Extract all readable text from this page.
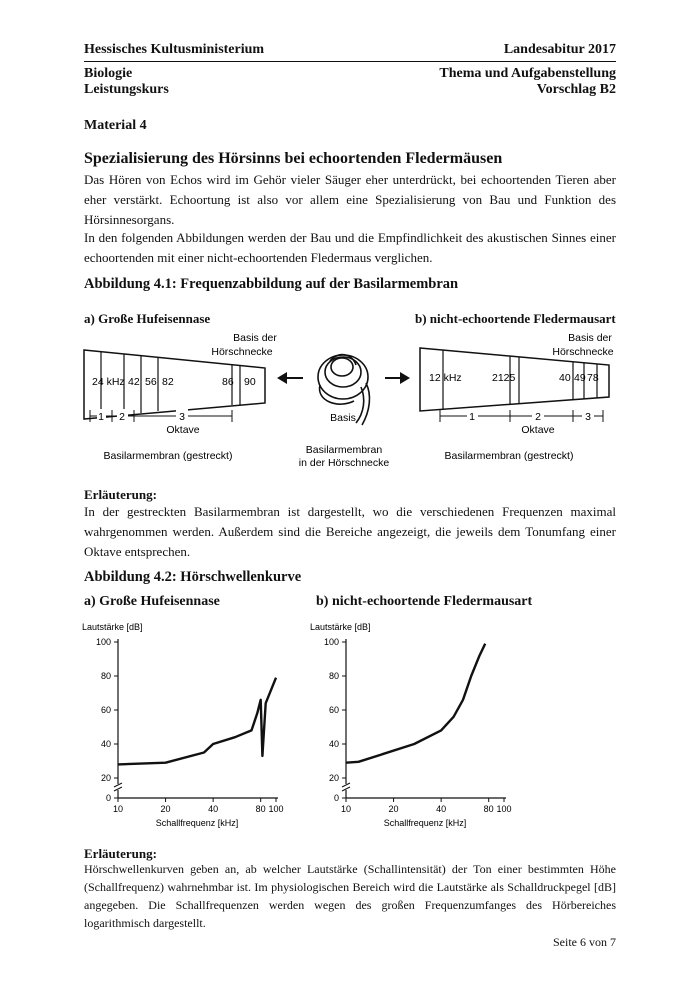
Hessisches Kultusministerium	Landesabitur 2017
Biologie	Thema und Aufgabenstellung
Leistungskurs	Vorschlag B2
Material 4
Spezialisierung des Hörsinns bei echoortenden Fledermäusen
Das Hören von Echos wird im Gehör vieler Säuger eher unterdrückt, bei echoortenden Tieren aber eher verstärkt. Echoortung ist also vor allem eine Spezialisierung von Bau und Funktion des Hörsinnesorgans.
In den folgenden Abbildungen werden der Bau und die Empfindlichkeit des akustischen Sinnes einer echoortenden mit einer nicht-echoortenden Fledermaus verglichen.
Abbildung 4.1: Frequenzabbildung auf der Basilarmembran
a) Große Hufeisennase	b) nicht-echoortende Fledermausart
24 kHz 42 56 82	86 90
Basis der
Hörschnecke
1 2	3
Oktave
Basis
12 kHz	2125	40 49 78
Basis der
Hörschnecke
1	2	3
Oktave
Basilarmembran (gestreckt)	Basilarmembran
in der Hörschnecke
Basilarmembran (gestreckt)
Erläuterung:
In der gestreckten Basilarmembran ist dargestellt, wo die verschiedenen Frequenzen maximal wahrgenommen werden. Außerdem sind die Bereiche angezeigt, die jeweils dem Tonumfang einer Oktave entsprechen.
Abbildung 4.2: Hörschwellenkurve
a) Große Hufeisennase	b) nicht-echoortende Fledermausart
Lautstärke [dB]
0
20
40
60
80
100
10	20	40	80 100
Schallfrequenz [kHz]
Lautstärke [dB]
0
20
40
60
80
100
10	20	40	80 100
Schallfrequenz [kHz]
Erläuterung:
Hörschwellenkurven geben an, ab welcher Lautstärke (Schallintensität) der Ton einer bestimmten Höhe (Schallfrequenz) wahrnehmbar ist. Im physiologischen Bereich wird die Lautstärke als Schalldruckpegel [dB] angegeben. Die Schallfrequenzen werden wegen des großen Frequenzumfanges des Hörbereiches logarithmisch dargestellt.
Seite 6 von 7
